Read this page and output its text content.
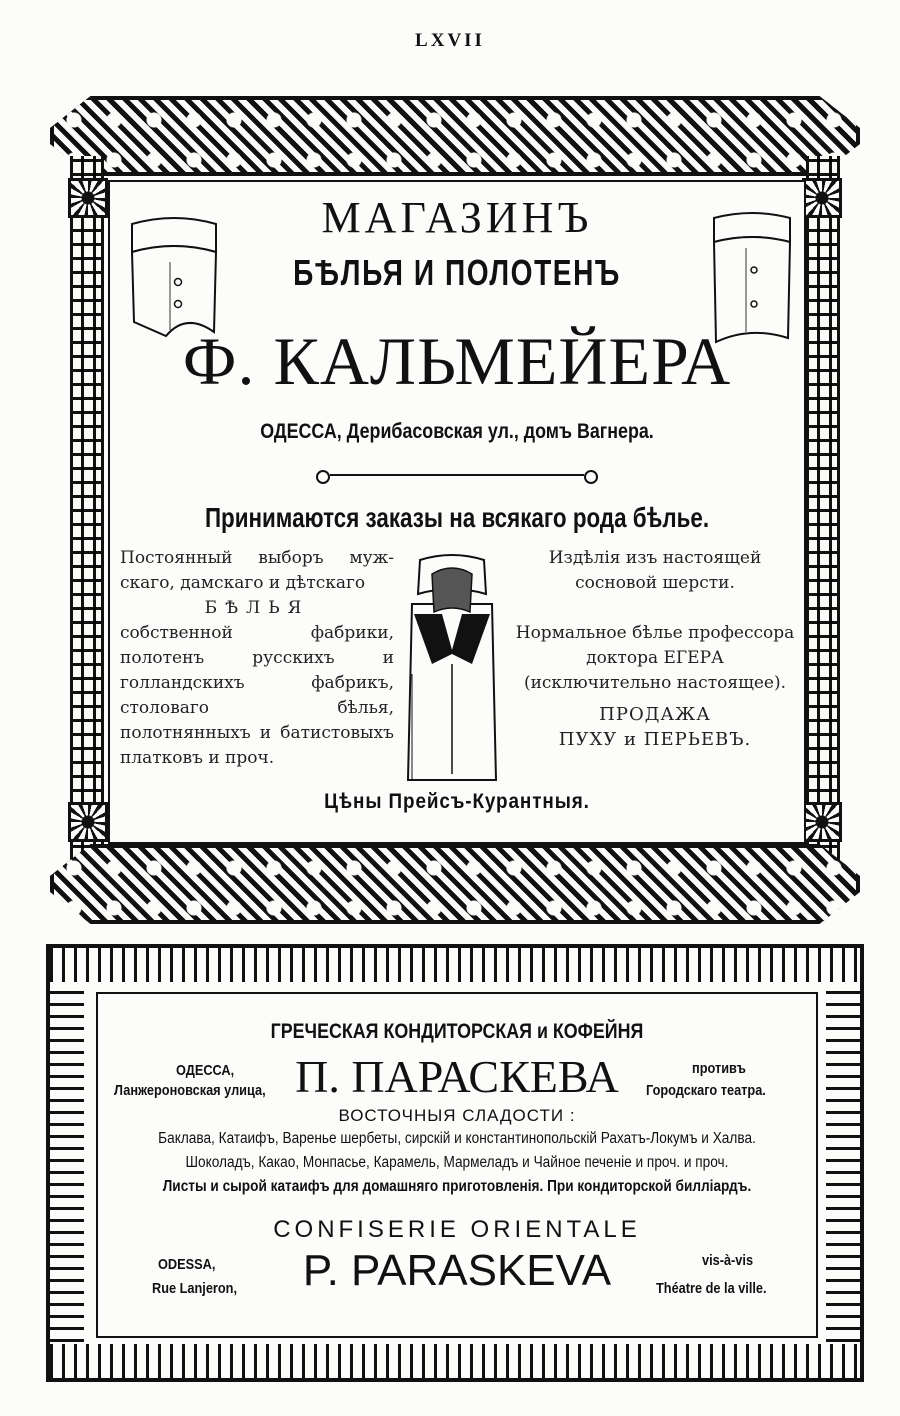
LXVII
МАГАЗИНЪ
БѢЛЬЯ И ПОЛОТЕНЪ
Ф. КАЛЬМЕЙЕРА
ОДЕССА, Дерибасовская ул., домъ Вагнера.
Принимаются заказы на всякаго рода бѣлье.
Постоянный выборъ муж-скаго, дамскаго и дѣтскаго
БѢЛЬЯ
собственной фабрики, полотенъ русскихъ и голландскихъ фабрикъ, столоваго бѣлья, полотнянныхъ и батистовыхъ платковъ и проч.
Издѣлія изъ настоящей сосновой шерсти.

Нормальное бѣлье профессора доктора ЕГЕРА
(исключительно настоящее).
ПРОДАЖА
ПУХУ и ПЕРЬЕВЪ.
Цѣны Прейсъ-Курантныя.
ГРЕЧЕСКАЯ КОНДИТОРСКАЯ и КОФЕЙНЯ
ОДЕССА,
Ланжероновская улица, П. ПАРАСКЕВА	противъ
Городскаго театра.
ВОСТОЧНЫЯ СЛАДОСТИ :
Баклава, Катаифъ, Варенье шербеты, сирскій и константинопольскій Рахатъ-Локумъ и Халва.
Шоколадъ, Какао, Монпасье, Карамель, Мармеладъ и Чайное печеніе и проч. и проч.
Листы и сырой катаифъ для домашняго приготовленія. При кондиторской билліардъ.
CONFISERIE ORIENTALE
ODESSA,
Rue Lanjeron,	P. PARASKEVA	vis-à-vis
Théatre de la ville.
